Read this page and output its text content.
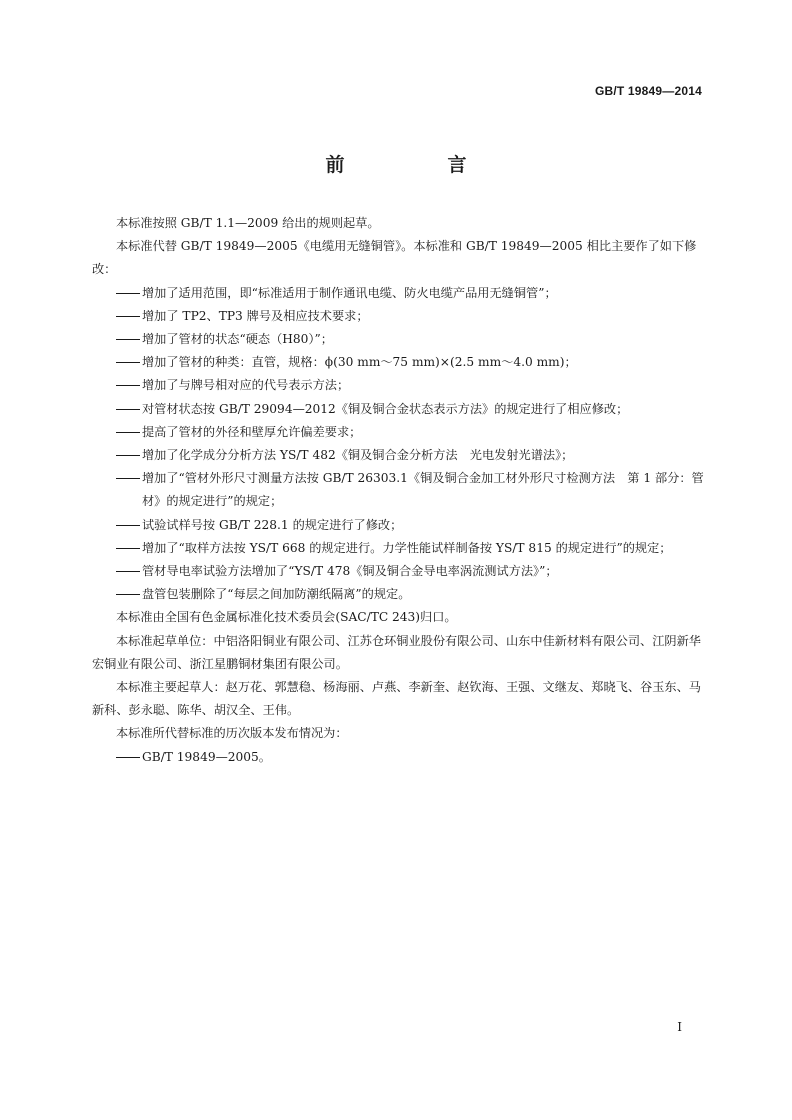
GB/T 19849—2014
前　言

本标准按照 GB/T 1.1—2009 给出的规则起草。

本标准代替 GB/T 19849—2005《电缆用无缝铜管》。本标准和 GB/T 19849—2005 相比主要作了如下修改：

增加了适用范围，即“标准适用于制作通讯电缆、防火电缆产品用无缝铜管”；

增加了 TP2、TP3 牌号及相应技术要求；

增加了管材的状态“硬态（H80）”；

增加了管材的种类：直管，规格：ϕ(30 mm～75 mm)×(2.5 mm～4.0 mm)；

增加了与牌号相对应的代号表示方法；

对管材状态按 GB/T 29094—2012《铜及铜合金状态表示方法》的规定进行了相应修改；

提高了管材的外径和壁厚允许偏差要求；

增加了化学成分分析方法 YS/T 482《铜及铜合金分析方法　光电发射光谱法》；

增加了“管材外形尺寸测量方法按 GB/T 26303.1《铜及铜合金加工材外形尺寸检测方法　第 1 部分：管材》的规定进行”的规定；

试验试样号按 GB/T 228.1 的规定进行了修改；

增加了“取样方法按 YS/T 668 的规定进行。力学性能试样制备按 YS/T 815 的规定进行”的规定；

管材导电率试验方法增加了“YS/T 478《铜及铜合金导电率涡流测试方法》”；

盘管包装删除了“每层之间加防潮纸隔离”的规定。

本标准由全国有色金属标准化技术委员会(SAC/TC 243)归口。

本标准起草单位：中铝洛阳铜业有限公司、江苏仓环铜业股份有限公司、山东中佳新材料有限公司、江阴新华宏铜业有限公司、浙江星鹏铜材集团有限公司。

本标准主要起草人：赵万花、郭慧稳、杨海丽、卢燕、李新奎、赵钦海、王强、文继友、郑晓飞、谷玉东、马新科、彭永聪、陈华、胡汉全、王伟。

本标准所代替标准的历次版本发布情况为：

GB/T 19849—2005。

I
